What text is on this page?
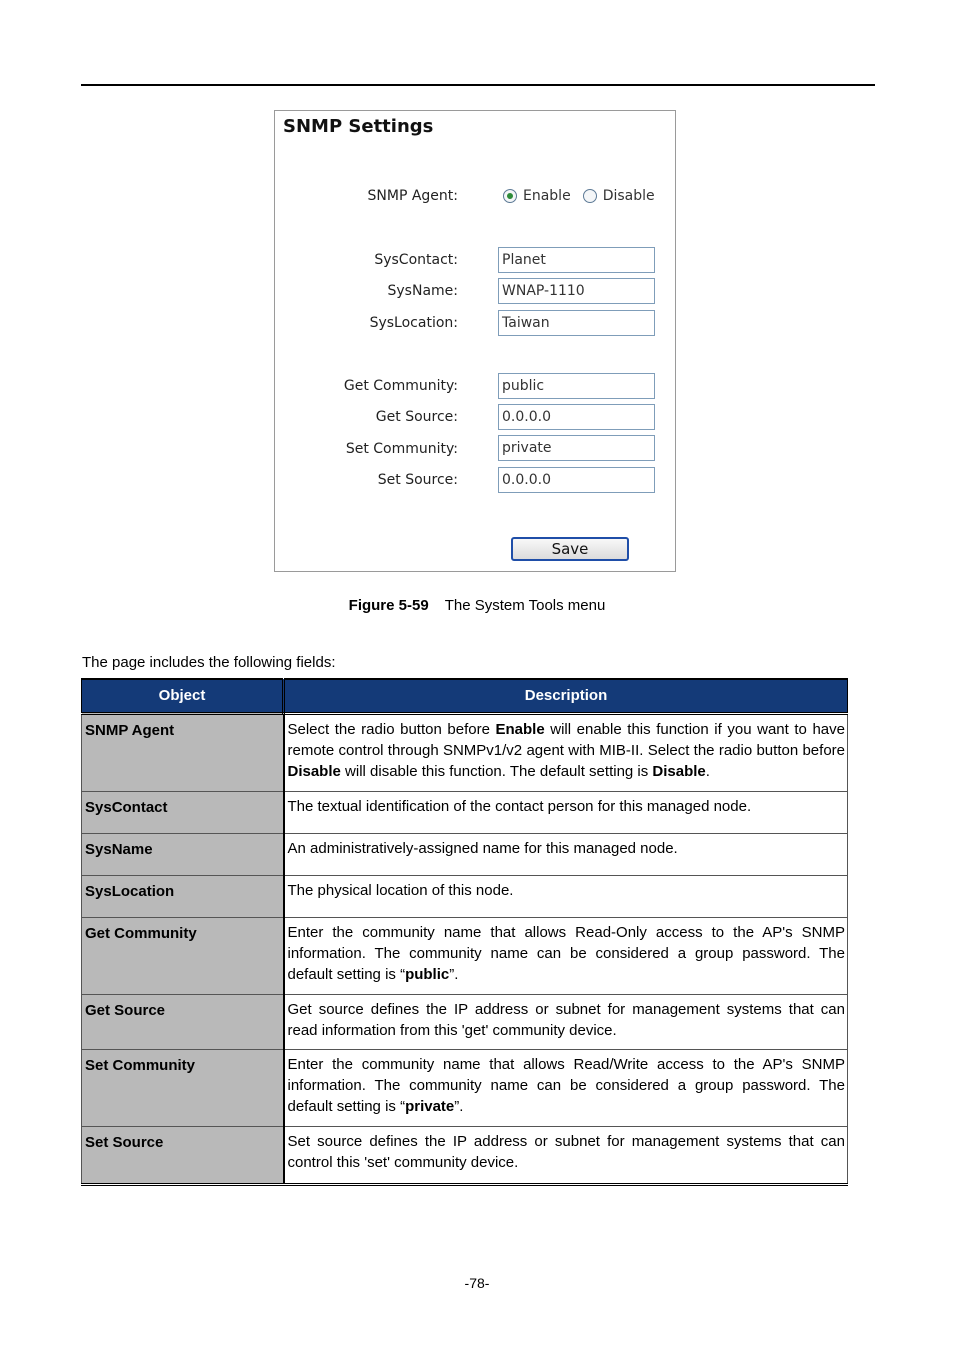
SNMP Settings
SNMP Agent:	Enable Disable
SysContact:	Planet
SysName:	WNAP-1110
SysLocation:	Taiwan
Get Community:	public
Get Source:	0.0.0.0
Set Community:	private
Set Source:	0.0.0.0
Save
Figure 5-59 The System Tools menu
The page includes the following fields:
Object	Description
SNMP Agent	Select the radio button before Enable will enable this function if you want to have remote control through SNMPv1/v2 agent with MIB-II. Select the radio button before Disable will disable this function. The default setting is Disable.
SysContact	The textual identification of the contact person for this managed node.
SysName	An administratively-assigned name for this managed node.
SysLocation	The physical location of this node.
Get Community	Enter the community name that allows Read-Only access to the AP's SNMP information. The community name can be considered a group password. The default setting is “public”.
Get Source	Get source defines the IP address or subnet for management systems that can read information from this 'get' community device.
Set Community	Enter the community name that allows Read/Write access to the AP's SNMP information. The community name can be considered a group password. The default setting is “private”.
Set Source	Set source defines the IP address or subnet for management systems that can control this 'set' community device.
-78-
